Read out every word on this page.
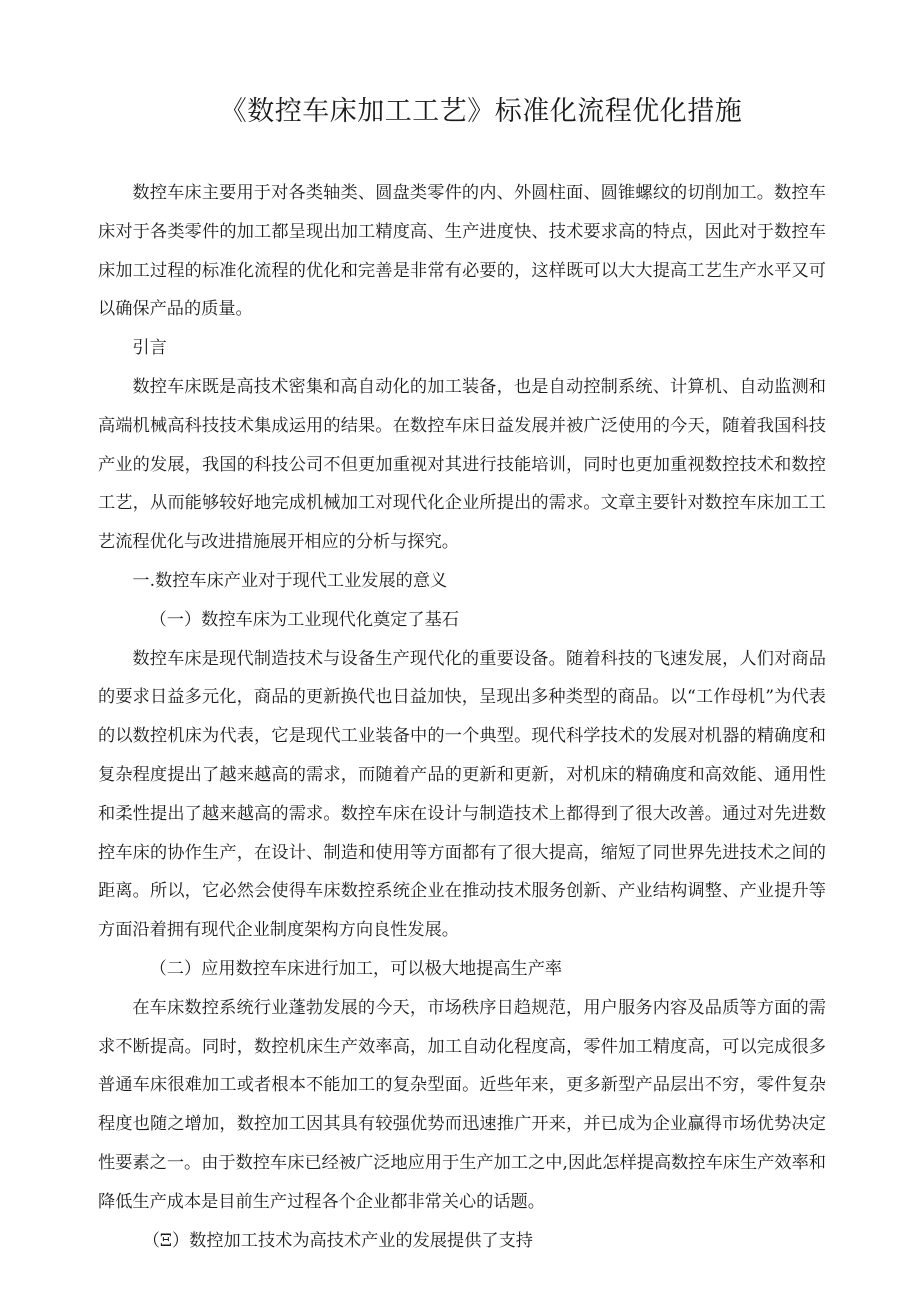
《数控车床加工工艺》标准化流程优化措施

数控车床主要用于对各类轴类、圆盘类零件的内、外圆柱面、圆锥螺纹的切削加工。数控车床对于各类零件的加工都呈现出加工精度高、生产进度快、技术要求高的特点，因此对于数控车床加工过程的标准化流程的优化和完善是非常有必要的，这样既可以大大提高工艺生产水平又可以确保产品的质量。

引言

数控车床既是高技术密集和高自动化的加工装备，也是自动控制系统、计算机、自动监测和高端机械高科技技术集成运用的结果。在数控车床日益发展并被广泛使用的今天，随着我国科技产业的发展，我国的科技公司不但更加重视对其进行技能培训，同时也更加重视数控技术和数控工艺，从而能够较好地完成机械加工对现代化企业所提出的需求。文章主要针对数控车床加工工艺流程优化与改进措施展开相应的分析与探究。

一.数控车床产业对于现代工业发展的意义

（一）数控车床为工业现代化奠定了基石

数控车床是现代制造技术与设备生产现代化的重要设备。随着科技的飞速发展，人们对商品的要求日益多元化，商品的更新换代也日益加快，呈现出多种类型的商品。以“工作母机”为代表的以数控机床为代表，它是现代工业装备中的一个典型。现代科学技术的发展对机器的精确度和复杂程度提出了越来越高的需求，而随着产品的更新和更新，对机床的精确度和高效能、通用性和柔性提出了越来越高的需求。数控车床在设计与制造技术上都得到了很大改善。通过对先进数控车床的协作生产，在设计、制造和使用等方面都有了很大提高，缩短了同世界先进技术之间的距离。所以，它必然会使得车床数控系统企业在推动技术服务创新、产业结构调整、产业提升等方面沿着拥有现代企业制度架构方向良性发展。

（二）应用数控车床进行加工，可以极大地提高生产率

在车床数控系统行业蓬勃发展的今天，市场秩序日趋规范，用户服务内容及品质等方面的需求不断提高。同时，数控机床生产效率高，加工自动化程度高，零件加工精度高，可以完成很多普通车床很难加工或者根本不能加工的复杂型面。近些年来，更多新型产品层出不穷，零件复杂程度也随之增加，数控加工因其具有较强优势而迅速推广开来，并已成为企业赢得市场优势决定性要素之一。由于数控车床已经被广泛地应用于生产加工之中,因此怎样提高数控车床生产效率和降低生产成本是目前生产过程各个企业都非常关心的话题。

（Ξ）数控加工技术为高技术产业的发展提供了支持
